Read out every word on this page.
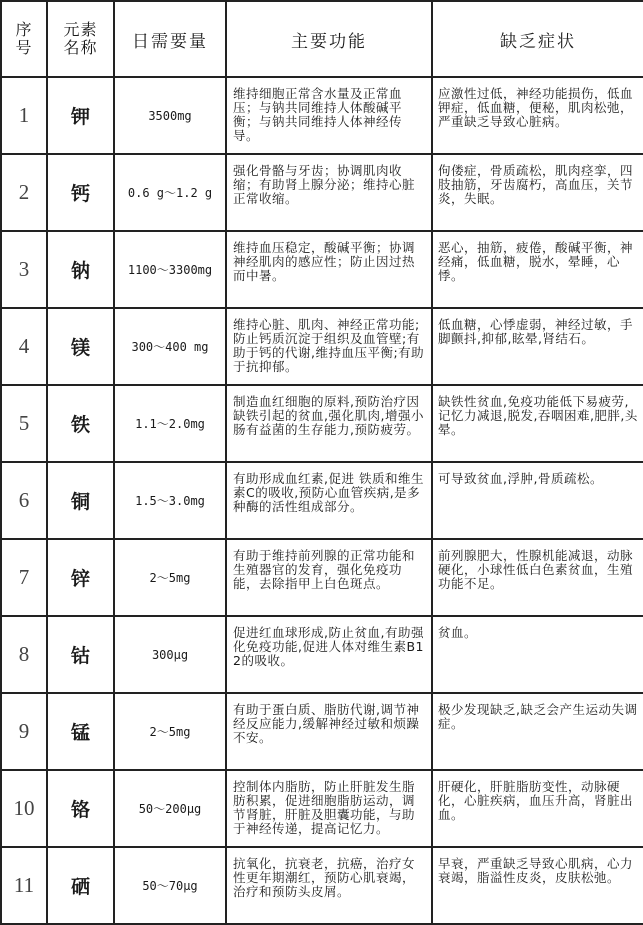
序号	元素名称	日需要量	主要功能	缺乏症状
1	钾	3500mg	维持细胞正常含水量及正常血压；与钠共同维持人体酸碱平衡；与钠共同维持人体神经传导。	应激性过低，神经功能损伤，低血钾症，低血糖，便秘，肌肉松弛，严重缺乏导致心脏病。

2	钙	0.6 g～1.2 g	强化骨骼与牙齿；协调肌肉收缩；有助肾上腺分泌；维持心脏正常收缩。	佝偻症，骨质疏松，肌肉痉挛，四肢抽筋，牙齿腐朽，高血压，关节炎，失眠。

3	钠	1100～3300mg	维持血压稳定，酸碱平衡；协调神经肌肉的感应性；防止因过热而中暑。	恶心，抽筋，疲倦，酸碱平衡，神经痛，低血糖，脱水，晕睡，心悸。

4	镁	300～400 mg	维持心脏、肌肉、神经正常功能;防止钙质沉淀于组织及血管壁;有助于钙的代谢,维持血压平衡;有助于抗抑郁。	低血糖，心悸虚弱，神经过敏，手脚颤抖,抑郁,眩晕,肾结石。

5	铁	1.1～2.0mg	制造血红细胞的原料,预防治疗因缺铁引起的贫血,强化肌肉,增强小肠有益菌的生存能力,预防疲劳。	缺铁性贫血,免疫功能低下易疲劳,记忆力减退,脱发,吞咽困难,肥胖,头晕。

6	铜	1.5～3.0mg	有助形成血红素,促进 铁质和维生素C的吸收,预防心血管疾病,是多种酶的活性组成部分。	可导致贫血,浮肿,骨质疏松。

7	锌	2～5mg	有助于维持前列腺的正常功能和生殖器官的发育，强化免疫功能，去除指甲上白色斑点。	前列腺肥大，性腺机能减退，动脉硬化，小球性低白色素贫血，生殖功能不足。

8	钴	300μg	促进红血球形成,防止贫血,有助强化免疫功能,促进人体对维生素B12的吸收。	贫血。

9	锰	2～5mg	有助于蛋白质、脂肪代谢,调节神经反应能力,缓解神经过敏和烦躁不安。	极少发现缺乏,缺乏会产生运动失调症。

10	铬	50～200μg	控制体内脂肪，防止肝脏发生脂肪积累，促进细胞脂肪运动，调节肾脏，肝脏及胆囊功能，与助于神经传递，提高记忆力。	肝硬化，肝脏脂肪变性，动脉硬化，心脏疾病，血压升高，肾脏出血。

11	硒	50～70μg	抗氧化，抗衰老，抗癌，治疗女性更年期潮红，预防心肌衰竭，治疗和预防头皮屑。	早衰，严重缺乏导致心肌病，心力衰竭，脂溢性皮炎，皮肤松弛。
